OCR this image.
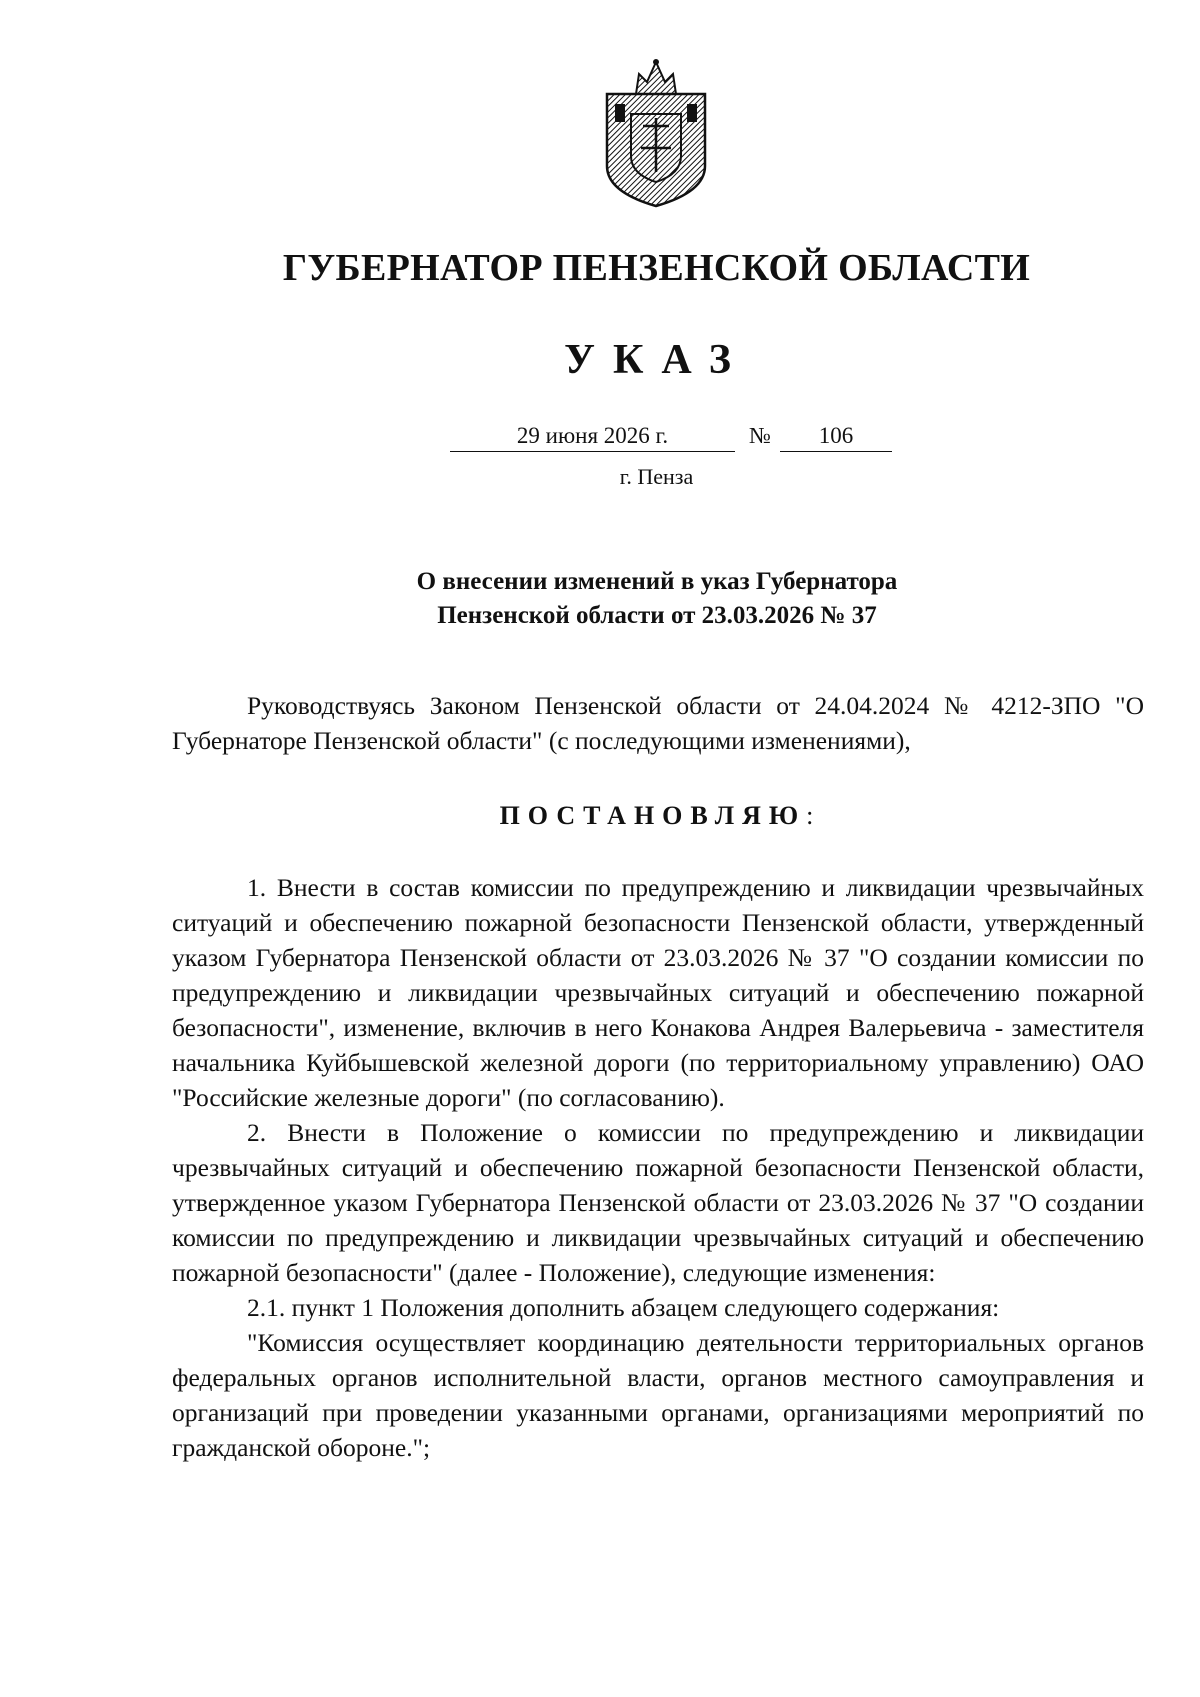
ГУБЕРНАТОР ПЕНЗЕНСКОЙ ОБЛАСТИ
УКАЗ
29 июня 2026 г.	№	106
г. Пенза
О внесении изменений в указ Губернатора
Пензенской области от 23.03.2026 № 37

Руководствуясь Законом Пензенской области от 24.04.2024 № 4212-ЗПО "О Губернаторе Пензенской области" (с последующими изменениями),

ПОСТАНОВЛЯЮ:

1. Внести в состав комиссии по предупреждению и ликвидации чрезвычайных ситуаций и обеспечению пожарной безопасности Пензенской области, утвержденный указом Губернатора Пензенской области от 23.03.2026 № 37 "О создании комиссии по предупреждению и ликвидации чрезвычайных ситуаций и обеспечению пожарной безопасности", изменение, включив в него Конакова Андрея Валерьевича - заместителя начальника Куйбышевской железной дороги (по территориальному управлению) ОАО "Российские железные дороги" (по согласованию).

2. Внести в Положение о комиссии по предупреждению и ликвидации чрезвычайных ситуаций и обеспечению пожарной безопасности Пензенской области, утвержденное указом Губернатора Пензенской области от 23.03.2026 № 37 "О создании комиссии по предупреждению и ликвидации чрезвычайных ситуаций и обеспечению пожарной безопасности" (далее - Положение), следующие изменения:

2.1. пункт 1 Положения дополнить абзацем следующего содержания:

"Комиссия осуществляет координацию деятельности территориальных органов федеральных органов исполнительной власти, органов местного самоуправления и организаций при проведении указанными органами, организациями мероприятий по гражданской обороне.";
